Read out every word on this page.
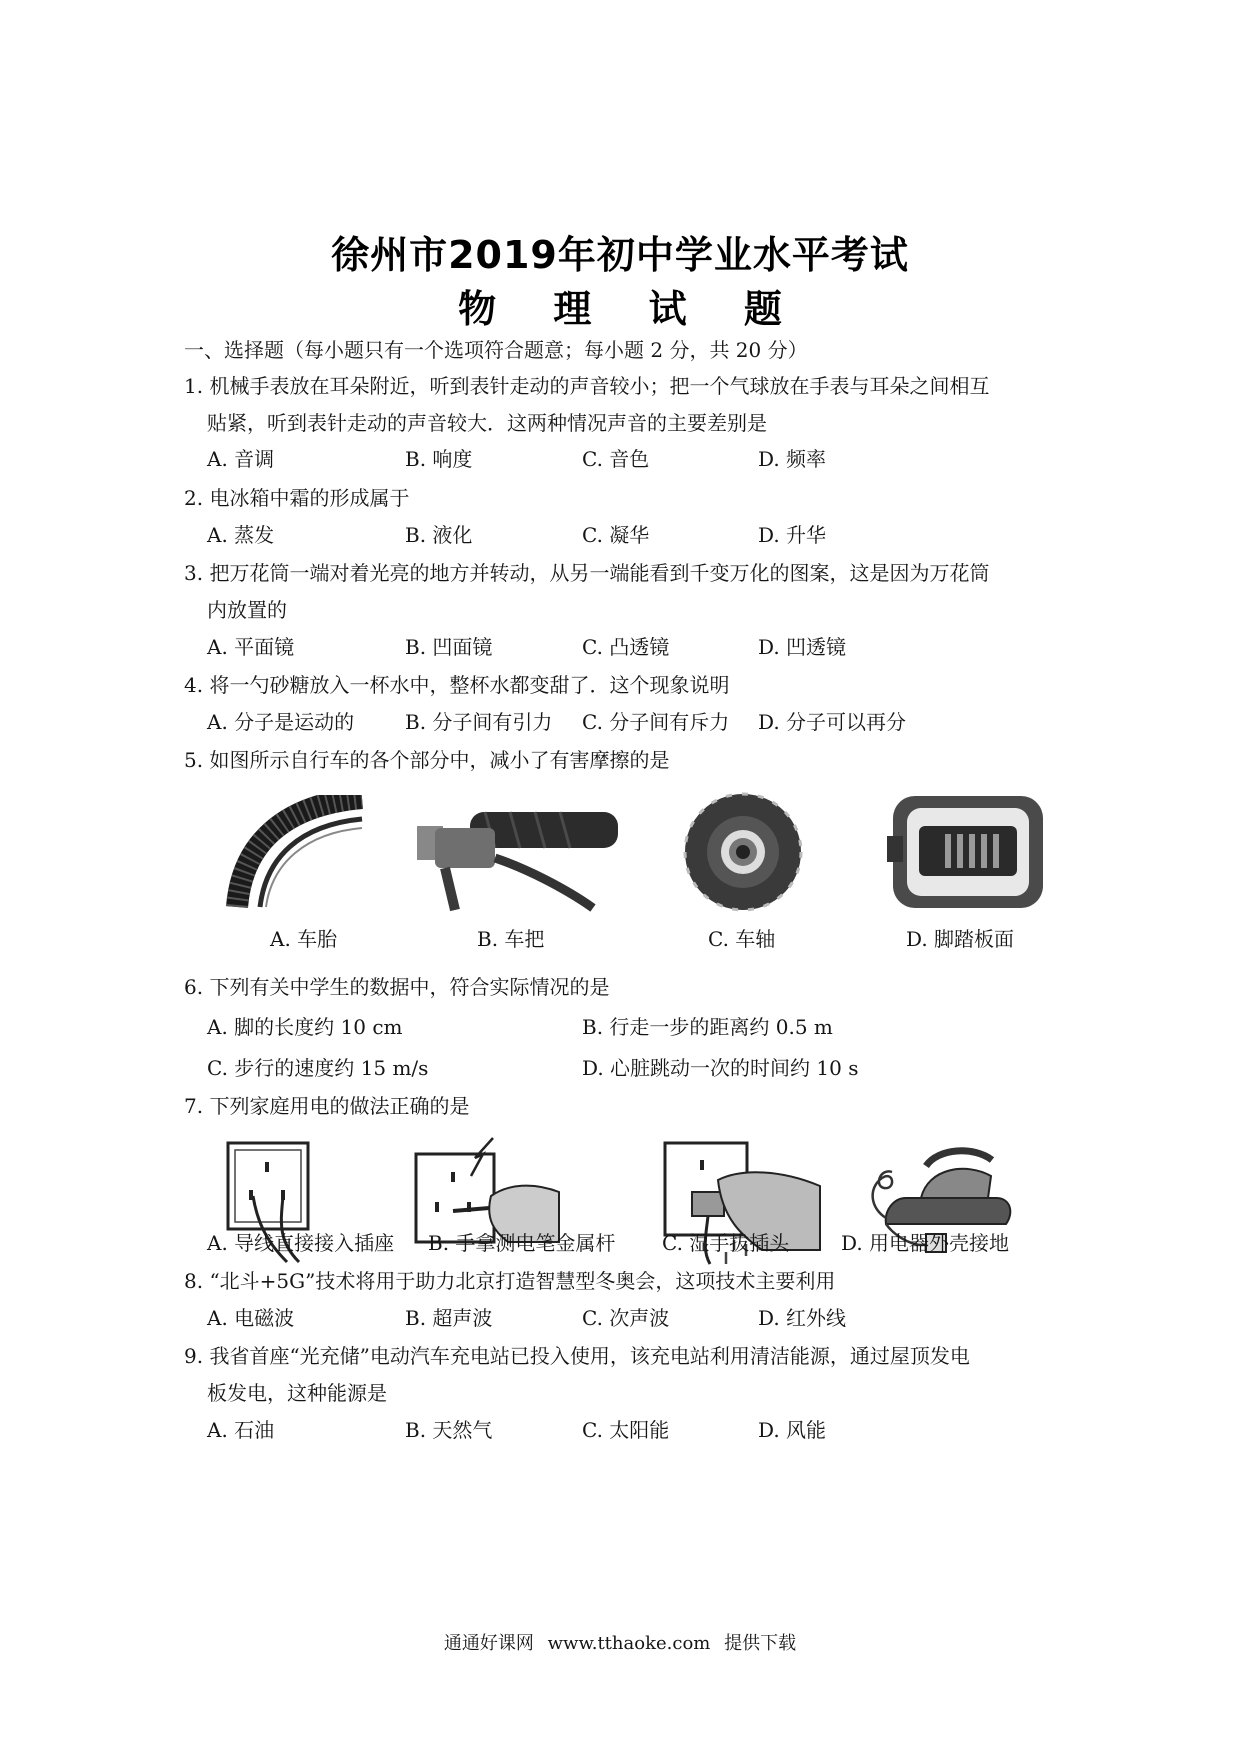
徐州市2019年初中学业水平考试
物 理 试 题
一、选择题（每小题只有一个选项符合题意；每小题 2 分，共 20 分）
1. 机械手表放在耳朵附近，听到表针走动的声音较小；把一个气球放在手表与耳朵之间相互
贴紧，听到表针走动的声音较大．这两种情况声音的主要差别是
A. 音调	B. 响度	C. 音色	D. 频率
2. 电冰箱中霜的形成属于
A. 蒸发	B. 液化	C. 凝华	D. 升华
3. 把万花筒一端对着光亮的地方并转动，从另一端能看到千变万化的图案，这是因为万花筒
内放置的
A. 平面镜	B. 凹面镜	C. 凸透镜	D. 凹透镜
4. 将一勺砂糖放入一杯水中，整杯水都变甜了．这个现象说明
A. 分子是运动的	B. 分子间有引力 C. 分子间有斥力 D. 分子可以再分
5. 如图所示自行车的各个部分中，减小了有害摩擦的是
A. 车胎	B. 车把	C. 车轴	D. 脚踏板面
6. 下列有关中学生的数据中，符合实际情况的是
A. 脚的长度约 10 cm	B. 行走一步的距离约 0.5 m
C. 步行的速度约 15 m/s	D. 心脏跳动一次的时间约 10 s
7. 下列家庭用电的做法正确的是
A. 导线直接接入插座 B. 手拿测电笔金属杆 C. 湿手拔插头	D. 用电器外壳接地
8. “北斗+5G”技术将用于助力北京打造智慧型冬奥会，这项技术主要利用
A. 电磁波	B. 超声波	C. 次声波	D. 红外线
9. 我省首座“光充储”电动汽车充电站已投入使用，该充电站利用清洁能源，通过屋顶发电
板发电，这种能源是
A. 石油	B. 天然气	C. 太阳能	D. 风能
通通好课网 www.tthaoke.com 提供下载
